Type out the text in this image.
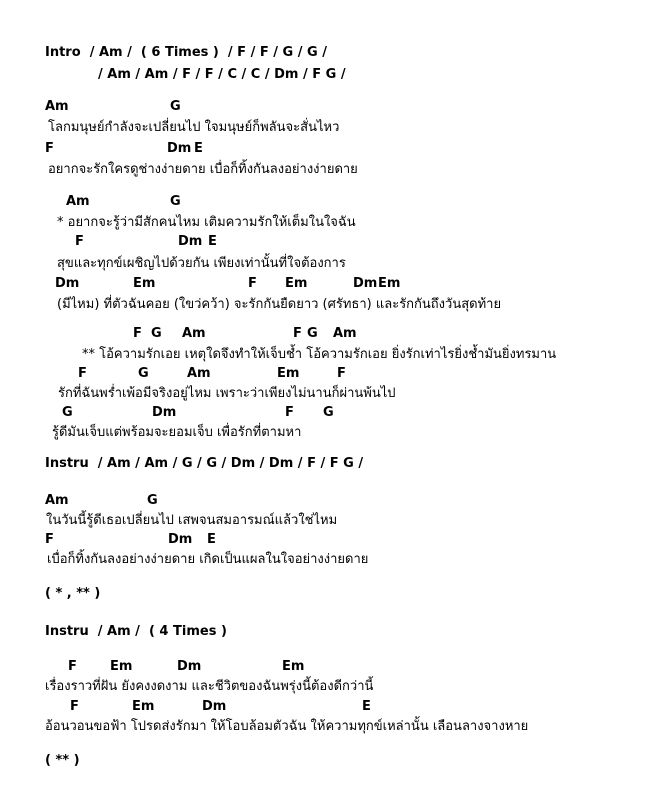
Intro  / Am /  ( 6 Times )  / F / F / G / G /
/ Am / Am / F / F / C / C / Dm / F G /
Am	G
โลกมนุษย์กำลังจะเปลี่ยนไป ใจมนุษย์ก็พลันจะสั่นไหว
F	Dm E
อยากจะรักใครดูช่างง่ายดาย เบื่อก็ทิ้งกันลงอย่างง่ายดาย
Am	G
* อยากจะรู้ว่ามีสักคนไหม เติมความรักให้เต็มในใจฉัน
F	Dm E
สุขและทุกข์เผชิญไปด้วยกัน เพียงเท่านั้นที่ใจต้องการ
Dm	Em	F Em	Dm Em
(มีไหม) ที่ตัวฉันคอย (ใขว่คว้า) จะรักกันยืดยาว (ศรัทธา) และรักกันถึงวันสุดท้าย
F G Am	F G Am
** โอ้ความรักเอย เหตุใดจึงทำให้เจ็บช้ำ โอ้ความรักเอย ยิ่งรักเท่าไรยิ่งช้ำมันยิ่งทรมาน
F	G	Am	Em	F
รักที่ฉันพร่ำเพ้อมีจริงอยู่ไหม เพราะว่าเพียงไม่นานก็ผ่านพ้นไป
G	Dm	F G
รู้ดีมันเจ็บแต่พร้อมจะยอมเจ็บ เพื่อรักที่ตามหา
Instru  / Am / Am / G / G / Dm / Dm / F / F G /
Am	G
ในวันนี้รู้ดีเธอเปลี่ยนไป เสพจนสมอารมณ์แล้วใช่ไหม
F	Dm E
เบื่อก็ทิ้งกันลงอย่างง่ายดาย เกิดเป็นแผลในใจอย่างง่ายดาย
( * , ** )
Instru  / Am /  ( 4 Times )
F	Em	Dm	Em
เรื่องราวที่ฝัน ยังคงงดงาม และชีวิตของฉันพรุ่งนี้ต้องดีกว่านี้
F	Em	Dm	E
อ้อนวอนขอฟ้า โปรดส่งรักมา ให้โอบล้อมตัวฉัน ให้ความทุกข์เหล่านั้น เลือนลางจางหาย
( ** )
